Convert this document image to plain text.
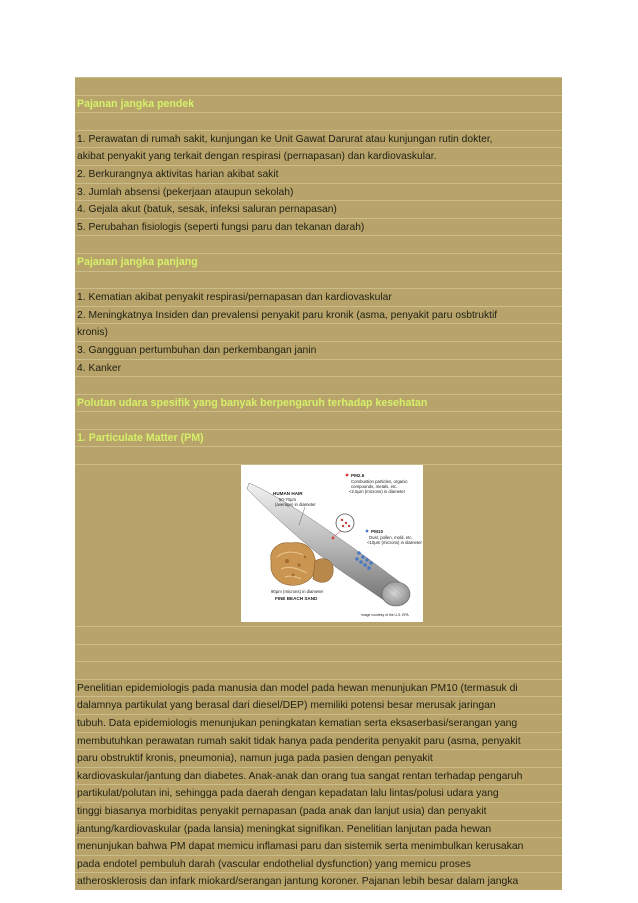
Pajanan jangka pendek
1. Perawatan di rumah sakit, kunjungan ke Unit Gawat Darurat atau kunjungan rutin dokter,
akibat penyakit yang terkait dengan respirasi (pernapasan) dan kardiovaskular.
2. Berkurangnya aktivitas harian akibat sakit
3. Jumlah absensi (pekerjaan ataupun sekolah)
4. Gejala akut (batuk, sesak, infeksi saluran pernapasan)
5. Perubahan fisiologis (seperti fungsi paru dan tekanan darah)
Pajanan jangka panjang
1. Kematian akibat penyakit respirasi/pernapasan dan kardiovaskular
2. Meningkatnya Insiden dan prevalensi penyakit paru kronik (asma, penyakit paru osbtruktif
kronis)
3. Gangguan pertumbuhan dan perkembangan janin
4. Kanker
Polutan udara spesifik yang banyak berpengaruh terhadap kesehatan
1. Particulate Matter (PM)
HUMAN HAIR
50-70μm
(average) in diameter
PM2.5
Combustion particles, organic
compounds, metals, etc.
<2.5μm (microns) in diameter
PM10
Dust, pollen, mold, etc.
<10μm (microns) in diameter
90μm (microns) in diameter
FINE BEACH SAND
Image courtesy of the U.S. EPA
Penelitian epidemiologis pada manusia dan model pada hewan menunjukan PM10 (termasuk di
dalamnya partikulat yang berasal dari diesel/DEP) memiliki potensi besar merusak jaringan
tubuh. Data epidemiologis menunjukan peningkatan kematian serta eksaserbasi/serangan yang
membutuhkan perawatan rumah sakit tidak hanya pada penderita penyakit paru (asma, penyakit
paru obstruktif kronis, pneumonia), namun juga pada pasien dengan penyakit
kardiovaskular/jantung dan diabetes. Anak-anak dan orang tua sangat rentan terhadap pengaruh
partikulat/polutan ini, sehingga pada daerah dengan kepadatan lalu lintas/polusi udara yang
tinggi biasanya morbiditas penyakit pernapasan (pada anak dan lanjut usia) dan penyakit
jantung/kardiovaskular (pada lansia) meningkat signifikan. Penelitian lanjutan pada hewan
menunjukan bahwa PM dapat memicu inflamasi paru dan sistemik serta menimbulkan kerusakan
pada endotel pembuluh darah (vascular endothelial dysfunction) yang memicu proses
atherosklerosis dan infark miokard/serangan jantung koroner. Pajanan lebih besar dalam jangka
